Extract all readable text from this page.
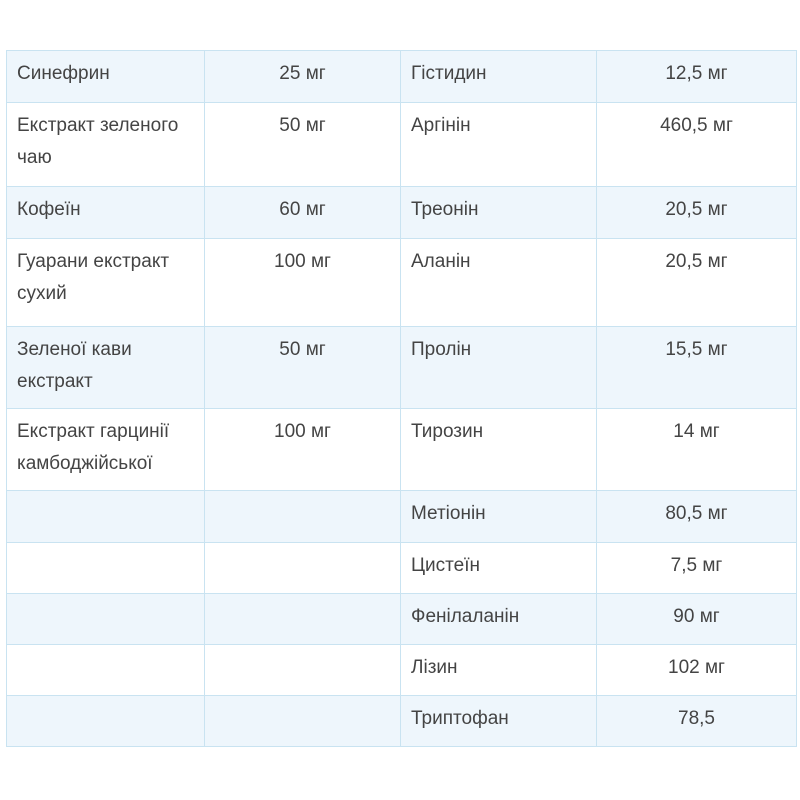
Синефрин	25 мг	Гістидин	12,5 мг

Екстракт зеленого чаю	50 мг	Аргінін	460,5 мг

Кофеїн	60 мг	Треонін	20,5 мг

Гуарани екстракт сухий	100 мг	Аланін	20,5 мг

Зеленої кави екстракт	50 мг	Пролін	15,5 мг

Екстракт гарцинії камбоджійської	100 мг	Тирозин	14 мг

		Метіонін	80,5 мг

		Цистеїн	7,5 мг

		Фенілаланін	90 мг

		Лізин	102 мг

		Триптофан	78,5
